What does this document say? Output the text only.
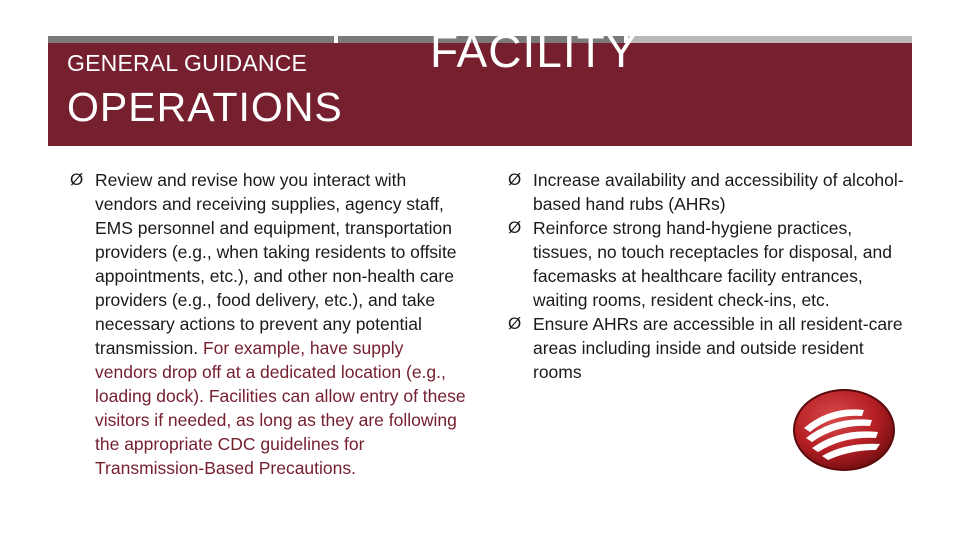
GENERAL GUIDANCE	FACILITY
OPERATIONS
Ø Review and revise how you interact with vendors and receiving supplies, agency staff, EMS personnel and equipment, transportation providers (e.g., when taking residents to offsite appointments, etc.), and other non-health care providers (e.g., food delivery, etc.), and take necessary actions to prevent any potential transmission. For example, have supply vendors drop off at a dedicated location (e.g., loading dock). Facilities can allow entry of these visitors if needed, as long as they are following the appropriate CDC guidelines for Transmission-Based Precautions.
Ø Increase availability and accessibility of alcohol-based hand rubs (AHRs)
Ø Reinforce strong hand-hygiene practices, tissues, no touch receptacles for disposal, and facemasks at healthcare facility entrances, waiting rooms, resident check-ins, etc.
Ø Ensure AHRs are accessible in all resident-care areas including inside and outside resident rooms
